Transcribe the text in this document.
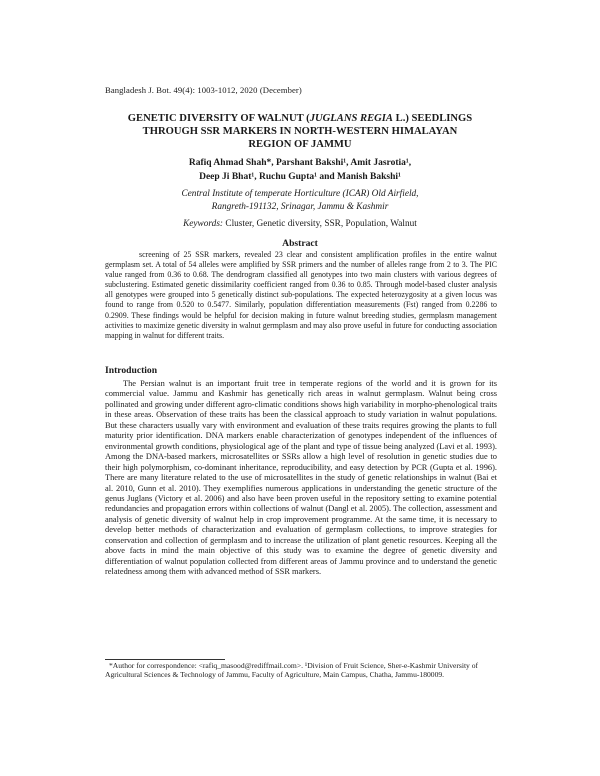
Bangladesh J. Bot. 49(4): 1003-1012, 2020 (December)
GENETIC DIVERSITY OF WALNUT (JUGLANS REGIA L.) SEEDLINGS
THROUGH SSR MARKERS IN NORTH-WESTERN HIMALAYAN
REGION OF JAMMU
Rafiq Ahmad Shah*, Parshant Bakshi¹, Amit Jasrotia¹,
Deep Ji Bhat¹, Ruchu Gupta¹ and Manish Bakshi¹
Central Institute of temperate Horticulture (ICAR) Old Airfield,
Rangreth-191132, Srinagar, Jammu & Kashmir
Keywords: Cluster, Genetic diversity, SSR, Population, Walnut
Abstract

screening of 25 SSR markers, revealed 23 clear and consistent amplification profiles in the entire walnut germplasm set. A total of 54 alleles were amplified by SSR primers and the number of alleles range from 2 to 3. The PIC value ranged from 0.36 to 0.68. The dendrogram classified all genotypes into two main clusters with various degrees of subclustering. Estimated genetic dissimilarity coefficient ranged from 0.36 to 0.85. Through model-based cluster analysis all genotypes were grouped into 5 genetically distinct sub-populations. The expected heterozygosity at a given locus was found to range from 0.520 to 0.5477. Similarly, population differentiation measurements (Fst) ranged from 0.2286 to 0.2909. These findings would be helpful for decision making in future walnut breeding studies, germplasm management activities to maximize genetic diversity in walnut germplasm and may also prove useful in future for conducting association mapping in walnut for different traits.

Introduction

The Persian walnut is an important fruit tree in temperate regions of the world and it is grown for its commercial value. Jammu and Kashmir has genetically rich areas in walnut germplasm. Walnut being cross pollinated and growing under different agro-climatic conditions shows high variability in morpho-phenological traits in these areas. Observation of these traits has been the classical approach to study variation in walnut populations. But these characters usually vary with environment and evaluation of these traits requires growing the plants to full maturity prior identification. DNA markers enable characterization of genotypes independent of the influences of environmental growth conditions, physiological age of the plant and type of tissue being analyzed (Lavi et al. 1993). Among the DNA-based markers, microsatellites or SSRs allow a high level of resolution in genetic studies due to their high polymorphism, co-dominant inheritance, reproducibility, and easy detection by PCR (Gupta et al. 1996). There are many literature related to the use of microsatellites in the study of genetic relationships in walnut (Bai et al. 2010, Gunn et al. 2010). They exemplifies numerous applications in understanding the genetic structure of the genus Juglans (Victory et al. 2006) and also have been proven useful in the repository setting to examine potential redundancies and propagation errors within collections of walnut (Dangl et al. 2005). The collection, assessment and analysis of genetic diversity of walnut help in crop improvement programme. At the same time, it is necessary to develop better methods of characterization and evaluation of germplasm collections, to improve strategies for conservation and collection of germplasm and to increase the utilization of plant genetic resources. Keeping all the above facts in mind the main objective of this study was to examine the degree of genetic diversity and differentiation of walnut population collected from different areas of Jammu province and to understand the genetic relatedness among them with advanced method of SSR markers.

*Author for correspondence: <rafiq_masood@rediffmail.com>. ¹Division of Fruit Science, Sher-e-Kashmir University of Agricultural Sciences & Technology of Jammu, Faculty of Agriculture, Main Campus, Chatha, Jammu-180009.
